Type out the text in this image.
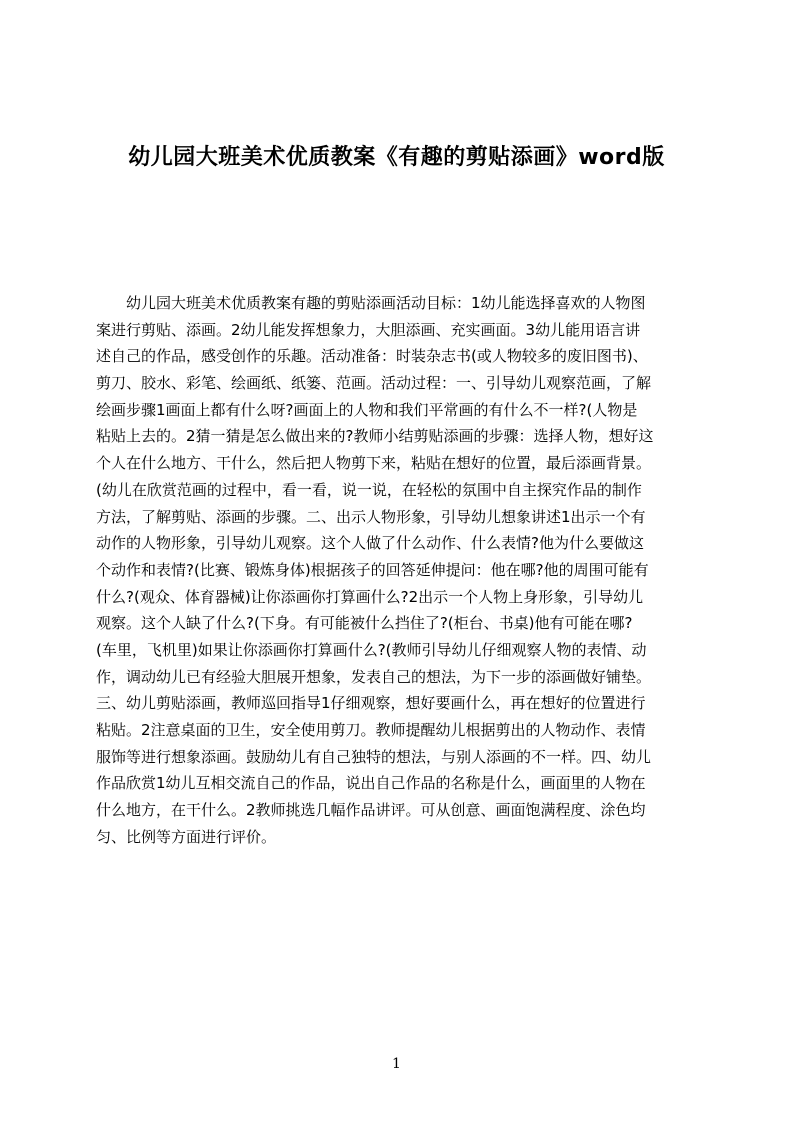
幼儿园大班美术优质教案《有趣的剪贴添画》word版
　　幼儿园大班美术优质教案有趣的剪贴添画活动目标：1幼儿能选择喜欢的人物图
案进行剪贴、添画。2幼儿能发挥想象力，大胆添画、充实画面。3幼儿能用语言讲
述自己的作品，感受创作的乐趣。活动准备：时装杂志书(或人物较多的废旧图书)、
剪刀、胶水、彩笔、绘画纸、纸篓、范画。活动过程：一、引导幼儿观察范画，了解
绘画步骤1画面上都有什么呀?画面上的人物和我们平常画的有什么不一样?(人物是
粘贴上去的。2猜一猜是怎么做出来的?教师小结剪贴添画的步骤：选择人物，想好这
个人在什么地方、干什么，然后把人物剪下来，粘贴在想好的位置，最后添画背景。
(幼儿在欣赏范画的过程中，看一看，说一说，在轻松的氛围中自主探究作品的制作
方法，了解剪贴、添画的步骤。二、出示人物形象，引导幼儿想象讲述1出示一个有
动作的人物形象，引导幼儿观察。这个人做了什么动作、什么表情?他为什么要做这
个动作和表情?(比赛、锻炼身体)根据孩子的回答延伸提问：他在哪?他的周围可能有
什么?(观众、体育器械)让你添画你打算画什么?2出示一个人物上身形象，引导幼儿
观察。这个人缺了什么?(下身。有可能被什么挡住了?(柜台、书桌)他有可能在哪?
(车里，飞机里)如果让你添画你打算画什么?(教师引导幼儿仔细观察人物的表情、动
作，调动幼儿已有经验大胆展开想象，发表自己的想法，为下一步的添画做好铺垫。
三、幼儿剪贴添画，教师巡回指导1仔细观察，想好要画什么，再在想好的位置进行
粘贴。2注意桌面的卫生，安全使用剪刀。教师提醒幼儿根据剪出的人物动作、表情
服饰等进行想象添画。鼓励幼儿有自己独特的想法，与别人添画的不一样。四、幼儿
作品欣赏1幼儿互相交流自己的作品，说出自己作品的名称是什么，画面里的人物在
什么地方，在干什么。2教师挑选几幅作品讲评。可从创意、画面饱满程度、涂色均
匀、比例等方面进行评价。
1
